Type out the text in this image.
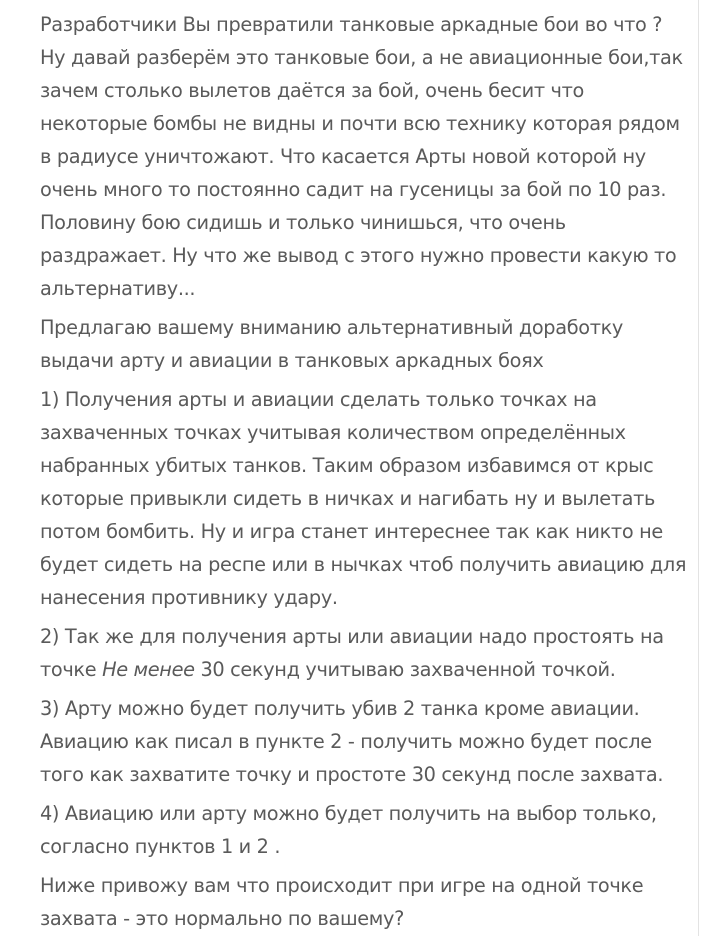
Разработчики Вы превратили танковые аркадные бои во что ?
Ну давай разберём это танковые бои, а не авиационные бои,так
зачем столько вылетов даётся за бой, очень бесит что
некоторые бомбы не видны и почти всю технику которая рядом
в радиусе уничтожают. Что касается Арты новой которой ну
очень много то постоянно садит на гусеницы за бой по 10 раз.
Половину бою сидишь и только чинишься, что очень
раздражает. Ну что же вывод с этого нужно провести какую то
альтернативу...

Предлагаю вашему вниманию альтернативный доработку
выдачи арту и авиации в танковых аркадных боях

1) Получения арты и авиации сделать только точках на
захваченных точках учитывая количеством определённых
набранных убитых танков. Таким образом избавимся от крыс
которые привыкли сидеть в ничках и нагибать ну и вылетать
потом бомбить. Ну и игра станет интереснее так как никто не
будет сидеть на респе или в нычках чтоб получить авиацию для
нанесения противнику удару.

2) Так же для получения арты или авиации надо простоять на
точке Не менее 30 секунд учитываю захваченной точкой.

3) Арту можно будет получить убив 2 танка кроме авиации.
Авиацию как писал в пункте 2 - получить можно будет после
того как захватите точку и простоте 30 секунд после захвата.

4) Авиацию или арту можно будет получить на выбор только,
согласно пунктов 1 и 2 .

Ниже привожу вам что происходит при игре на одной точке
захвата - это нормально по вашему?
